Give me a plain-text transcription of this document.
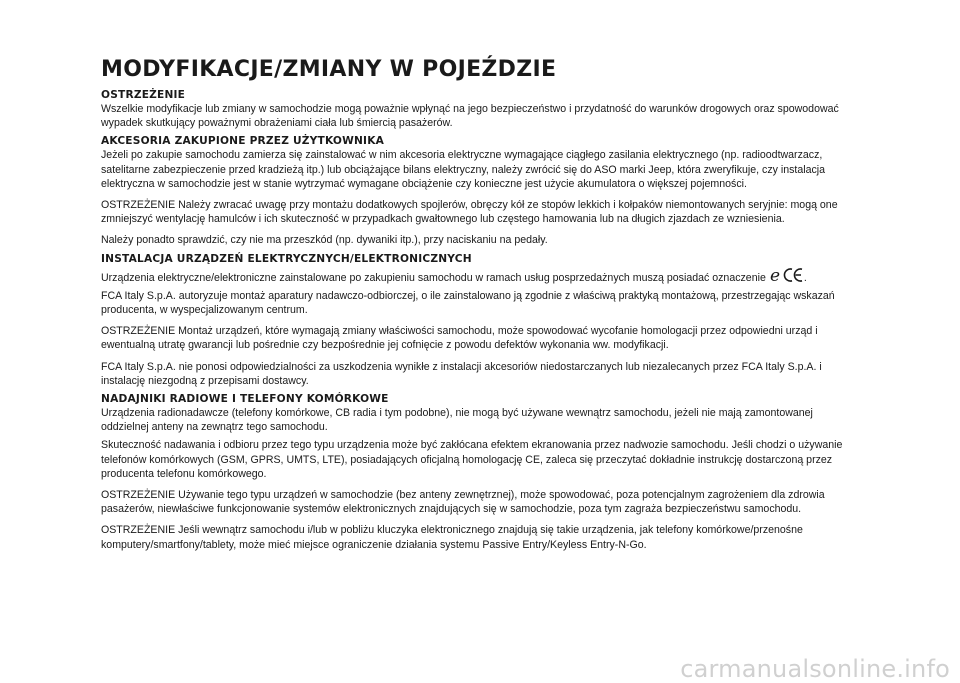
MODYFIKACJE/ZMIANY W POJEŹDZIE
OSTRZEŻENIE

Wszelkie modyfikacje lub zmiany w samochodzie mogą poważnie wpłynąć na jego bezpieczeństwo i przydatność do warunków drogowych oraz spowodować wypadek skutkujący poważnymi obrażeniami ciała lub śmiercią pasażerów.

AKCESORIA ZAKUPIONE PRZEZ UŻYTKOWNIKA

Jeżeli po zakupie samochodu zamierza się zainstalować w nim akcesoria elektryczne wymagające ciągłego zasilania elektrycznego (np. radioodtwarzacz, satelitarne zabezpieczenie przed kradzieżą itp.) lub obciążające bilans elektryczny, należy zwrócić się do ASO marki Jeep, która zweryfikuje, czy instalacja elektryczna w samochodzie jest w stanie wytrzymać wymagane obciążenie czy konieczne jest użycie akumulatora o większej pojemności.

OSTRZEŻENIE Należy zwracać uwagę przy montażu dodatkowych spojlerów, obręczy kół ze stopów lekkich i kołpaków niemontowanych seryjnie: mogą one zmniejszyć wentylację hamulców i ich skuteczność w przypadkach gwałtownego lub częstego hamowania lub na długich zjazdach ze wzniesienia.

Należy ponadto sprawdzić, czy nie ma przeszkód (np. dywaniki itp.), przy naciskaniu na pedały.

INSTALACJA URZĄDZEŃ ELEKTRYCZNYCH/ELEKTRONICZNYCH

Urządzenia elektryczne/elektroniczne zainstalowane po zakupieniu samochodu w ramach usług posprzedażnych muszą posiadać oznaczenie e .

FCA Italy S.p.A. autoryzuje montaż aparatury nadawczo-odbiorczej, o ile zainstalowano ją zgodnie z właściwą praktyką montażową, przestrzegając wskazań producenta, w wyspecjalizowanym centrum.

OSTRZEŻENIE Montaż urządzeń, które wymagają zmiany właściwości samochodu, może spowodować wycofanie homologacji przez odpowiedni urząd i ewentualną utratę gwarancji lub pośrednie czy bezpośrednie jej cofnięcie z powodu defektów wykonania ww. modyfikacji.

FCA Italy S.p.A. nie ponosi odpowiedzialności za uszkodzenia wynikłe z instalacji akcesoriów niedostarczanych lub niezalecanych przez FCA Italy S.p.A. i instalację niezgodną z przepisami dostawcy.

NADAJNIKI RADIOWE I TELEFONY KOMÓRKOWE

Urządzenia radionadawcze (telefony komórkowe, CB radia i tym podobne), nie mogą być używane wewnątrz samochodu, jeżeli nie mają zamontowanej oddzielnej anteny na zewnątrz tego samochodu.

Skuteczność nadawania i odbioru przez tego typu urządzenia może być zakłócana efektem ekranowania przez nadwozie samochodu. Jeśli chodzi o używanie telefonów komórkowych (GSM, GPRS, UMTS, LTE), posiadających oficjalną homologację CE, zaleca się przeczytać dokładnie instrukcję dostarczoną przez producenta telefonu komórkowego.

OSTRZEŻENIE Używanie tego typu urządzeń w samochodzie (bez anteny zewnętrznej), może spowodować, poza potencjalnym zagrożeniem dla zdrowia pasażerów, niewłaściwe funkcjonowanie systemów elektronicznych znajdujących się w samochodzie, poza tym zagraża bezpieczeństwu samochodu.

OSTRZEŻENIE Jeśli wewnątrz samochodu i/lub w pobliżu kluczyka elektronicznego znajdują się takie urządzenia, jak telefony komórkowe/przenośne komputery/smartfony/tablety, może mieć miejsce ograniczenie działania systemu Passive Entry/Keyless Entry-N-Go.

carmanualsonline.info
